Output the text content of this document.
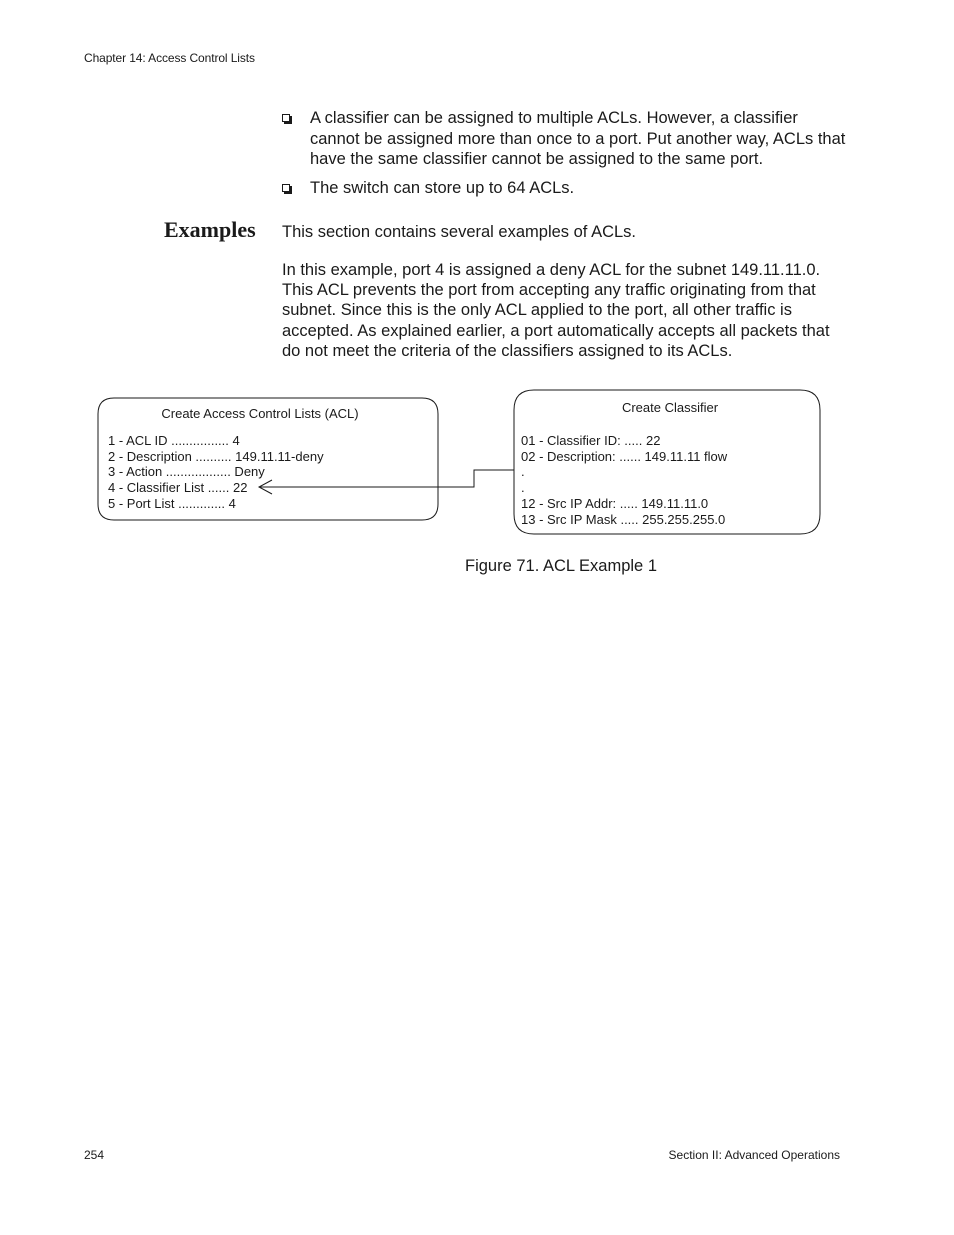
Chapter 14: Access Control Lists
A classifier can be assigned to multiple ACLs. However, a classifier cannot be assigned more than once to a port. Put another way, ACLs that have the same classifier cannot be assigned to the same port.
The switch can store up to 64 ACLs.
Examples This section contains several examples of ACLs.

In this example, port 4 is assigned a deny ACL for the subnet 149.11.11.0. This ACL prevents the port from accepting any traffic originating from that subnet. Since this is the only ACL applied to the port, all other traffic is accepted. As explained earlier, a port automatically accepts all packets that do not meet the criteria of the classifiers assigned to its ACLs.

Create Access Control Lists (ACL)
1 - ACL ID ................ 4
2 - Description .......... 149.11.11-deny
3 - Action .................. Deny
4 - Classifier List ...... 22
5 - Port List ............. 4
Create Classifier
01 - Classifier ID: ..... 22
02 - Description: ...... 149.11.11 flow
.
.
12 - Src IP Addr: ..... 149.11.11.0
13 - Src IP Mask ..... 255.255.255.0

Figure 71. ACL Example 1

254	Section II: Advanced Operations
